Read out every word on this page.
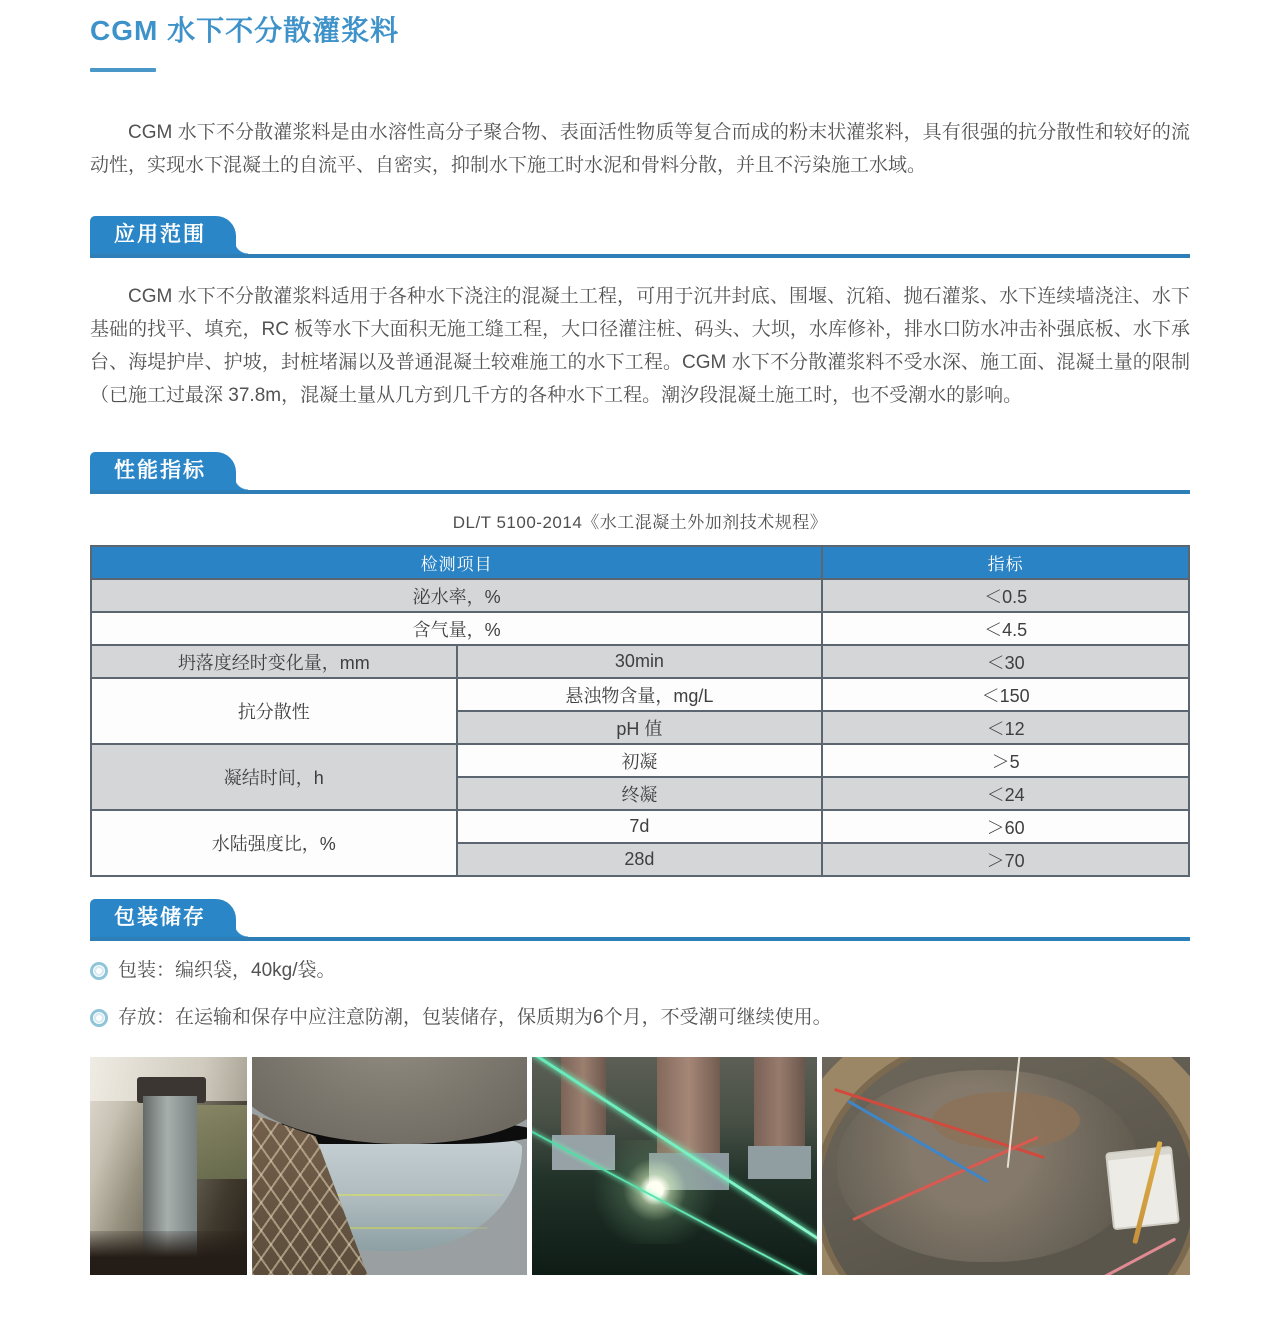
CGM 水下不分散灌浆料

CGM 水下不分散灌浆料是由水溶性高分子聚合物、表面活性物质等复合而成的粉末状灌浆料，具有很强的抗分散性和较好的流动性，实现水下混凝土的自流平、自密实，抑制水下施工时水泥和骨料分散，并且不污染施工水域。

应用范围

CGM 水下不分散灌浆料适用于各种水下浇注的混凝土工程，可用于沉井封底、围堰、沉箱、抛石灌浆、水下连续墙浇注、水下基础的找平、填充，RC 板等水下大面积无施工缝工程，大口径灌注桩、码头、大坝，水库修补，排水口防水冲击补强底板、水下承台、海堤护岸、护坡，封桩堵漏以及普通混凝土较难施工的水下工程。CGM 水下不分散灌浆料不受水深、施工面、混凝土量的限制（已施工过最深 37.8m，混凝土量从几方到几千方的各种水下工程。潮汐段混凝土施工时，也不受潮水的影响。

性能指标
DL/T 5100-2014《水工混凝土外加剂技术规程》
检测项目		指标
泌水率，%		＜0.5
含气量，%		＜4.5
坍落度经时变化量，mm	30min	＜30
抗分散性	悬浊物含量，mg/L	＜150
	pH 值	＜12
凝结时间，h	初凝	＞5
	终凝	＜24
水陆强度比，%	7d	＞60
	28d	＞70
包装储存
包装：编织袋，40kg/袋。
存放：在运输和保存中应注意防潮，包装储存，保质期为6个月，不受潮可继续使用。
